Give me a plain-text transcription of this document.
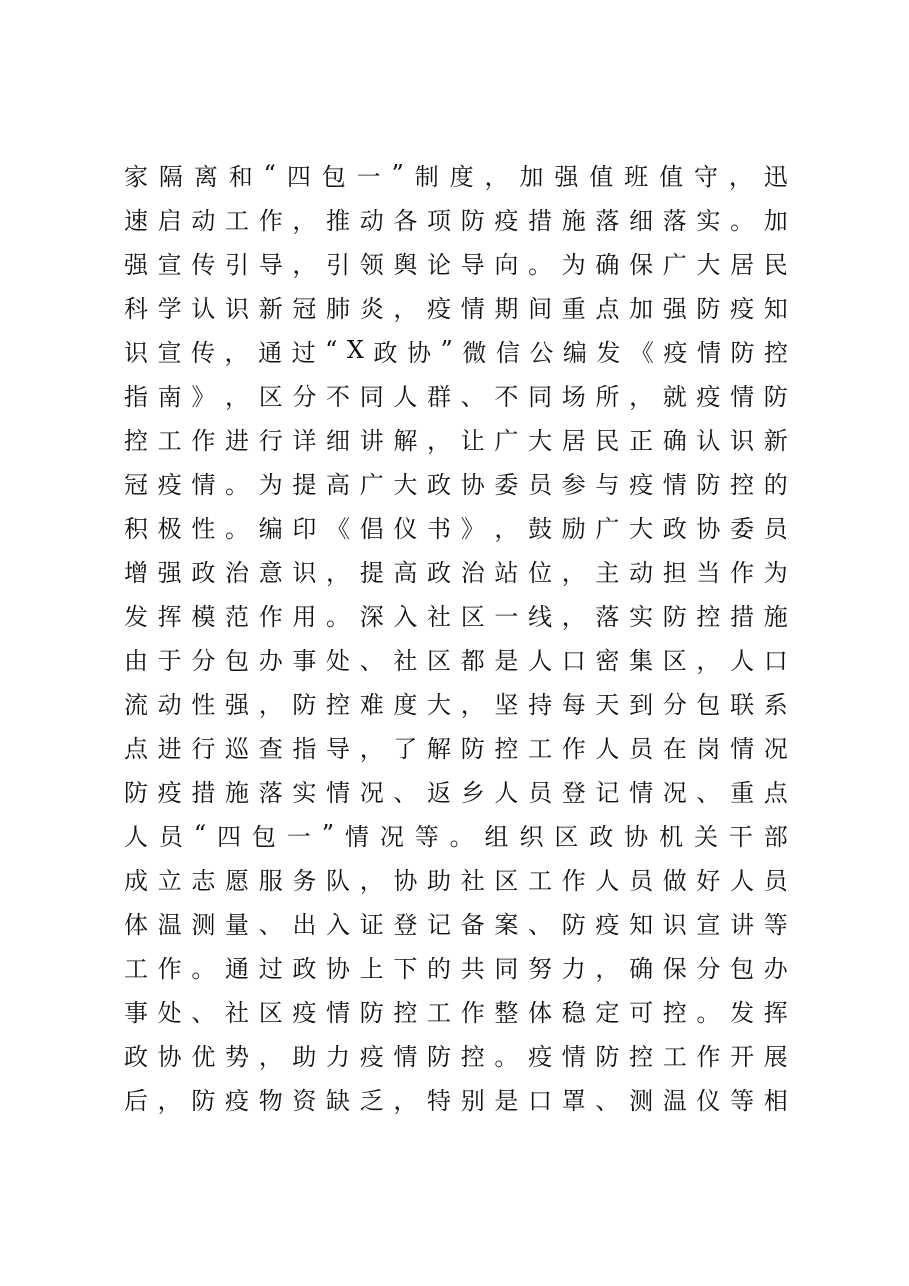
家 隔 离 和 “ 四 包 一 ” 制 度 ， 加 强 值 班 值 守 ， 迅
速 启 动 工 作 ， 推 动 各 项 防 疫 措 施 落 细 落 实 。 加
强 宣 传 引 导 ， 引 领 舆 论 导 向 。 为 确 保 广 大 居 民
科 学 认 识 新 冠 肺 炎 ， 疫 情 期 间 重 点 加 强 防 疫 知
识 宣 传 ， 通 过 “ X 政 协 ” 微 信 公 编 发 《 疫 情 防 控
指 南 》 ， 区 分 不 同 人 群 、 不 同 场 所 ， 就 疫 情 防
控 工 作 进 行 详 细 讲 解 ， 让 广 大 居 民 正 确 认 识 新
冠 疫 情 。 为 提 高 广 大 政 协 委 员 参 与 疫 情 防 控 的
积 极 性 。 编 印 《 倡 仪 书 》 ， 鼓 励 广 大 政 协 委 员
增 强 政 治 意 识 ， 提 高 政 治 站 位 ， 主 动 担 当 作 为
发 挥 模 范 作 用 。 深 入 社 区 一 线 ， 落 实 防 控 措 施
由 于 分 包 办 事 处 、 社 区 都 是 人 口 密 集 区 ， 人 口
流 动 性 强 ， 防 控 难 度 大 ， 坚 持 每 天 到 分 包 联 系
点 进 行 巡 查 指 导 ， 了 解 防 控 工 作 人 员 在 岗 情 况
防 疫 措 施 落 实 情 况 、 返 乡 人 员 登 记 情 况 、 重 点
人 员 “ 四 包 一 ” 情 况 等 。 组 织 区 政 协 机 关 干 部
成 立 志 愿 服 务 队 ， 协 助 社 区 工 作 人 员 做 好 人 员
体 温 测 量 、 出 入 证 登 记 备 案 、 防 疫 知 识 宣 讲 等
工 作 。 通 过 政 协 上 下 的 共 同 努 力 ， 确 保 分 包 办
事 处 、 社 区 疫 情 防 控 工 作 整 体 稳 定 可 控 。 发 挥
政 协 优 势 ， 助 力 疫 情 防 控 。 疫 情 防 控 工 作 开 展
后 ， 防 疫 物 资 缺 乏 ， 特 别 是 口 罩 、 测 温 仪 等 相
